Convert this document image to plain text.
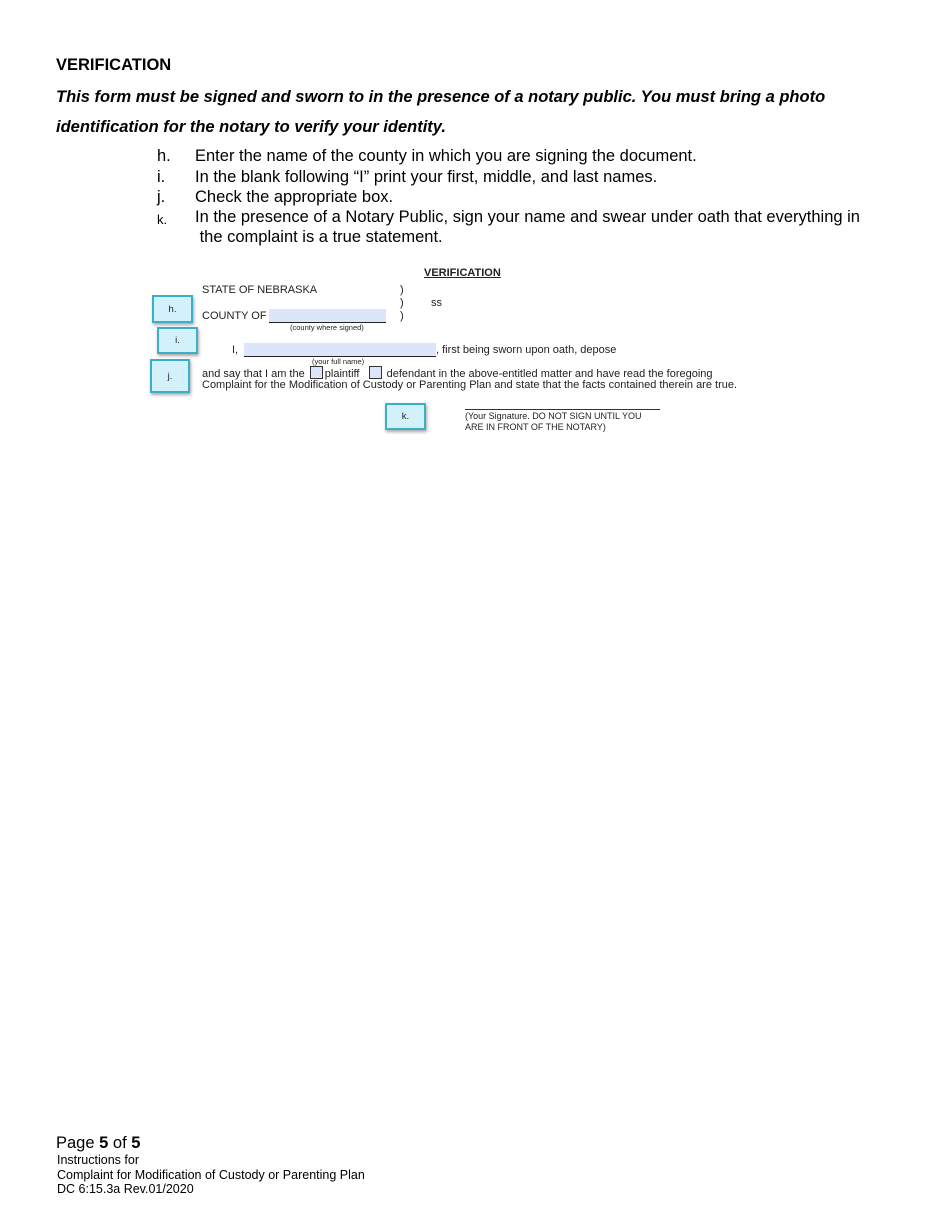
VERIFICATION
This form must be signed and sworn to in the presence of a notary public. You must bring a photo identification for the notary to verify your identity.
h. Enter the name of the county in which you are signing the document.
i. In the blank following “I” print your first, middle, and last names.
j. Check the appropriate box.
k. In the presence of a Notary Public, sign your name and swear under oath that everything in
the complaint is a true statement.
VERIFICATION
STATE OF NEBRASKA	)
) ss
COUNTY OF	)
(county where signed)
I,	, first being sworn upon oath, depose
(your full name)
and say that I am the plaintiff defendant in the above-entitled matter and have read the foregoing
Complaint for the Modification of Custody or Parenting Plan and state that the facts contained therein are true.
(Your Signature. DO NOT SIGN UNTIL YOU
ARE IN FRONT OF THE NOTARY)
h.
i.
j.
k.
Page 5 of 5
Instructions for
Complaint for Modification of Custody or Parenting Plan
DC 6:15.3a Rev.01/2020
